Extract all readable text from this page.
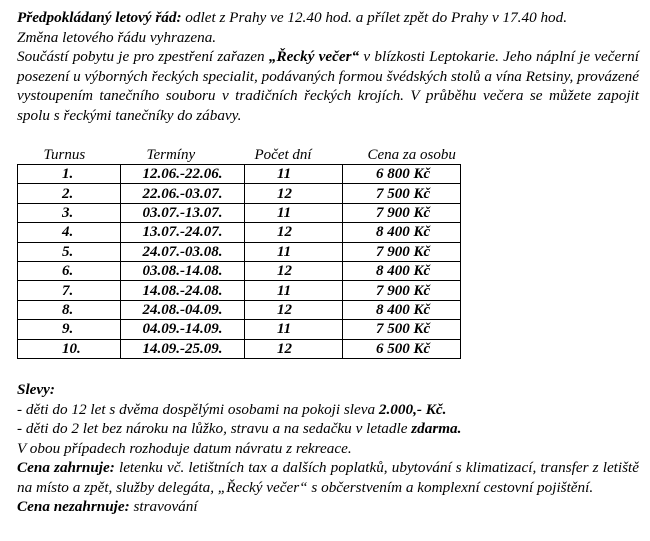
Předpokládaný letový řád: odlet z Prahy ve 12.40 hod. a přílet zpět do Prahy v 17.40 hod.

Změna letového řádu vyhrazena.

Součástí pobytu je pro zpestření zařazen „Řecký večer“ v blízkosti Leptokarie. Jeho náplní je večerní posezení u výborných řeckých specialit, podávaných formou švédských stolů a vína Retsiny, provázené vystoupením tanečního souboru v tradičních řeckých krojích. V průběhu večera se můžete zapojit spolu s řeckými tanečníky do zábavy.

Turnus	Termíny	Počet dní	Cena za osobu
1.	12.06.-22.06.	11	6 800 Kč
2.	22.06.-03.07.	12	7 500 Kč
3.	03.07.-13.07.	11	7 900 Kč
4.	13.07.-24.07.	12	8 400 Kč
5.	24.07.-03.08.	11	7 900 Kč
6.	03.08.-14.08.	12	8 400 Kč
7.	14.08.-24.08.	11	7 900 Kč
8.	24.08.-04.09.	12	8 400 Kč
9.	04.09.-14.09.	11	7 500 Kč
10.	14.09.-25.09.	12	6 500 Kč

Slevy:

- děti do 12 let s dvěma dospělými osobami na pokoji sleva 2.000,- Kč.

- děti do 2 let bez nároku na lůžko, stravu a na sedačku v letadle zdarma.

V obou případech rozhoduje datum návratu z rekreace.

Cena zahrnuje: letenku vč. letištních tax a dalších poplatků, ubytování s klimatizací, transfer z letiště na místo a zpět, služby delegáta, „Řecký večer“ s občerstvením a komplexní cestovní pojištění.

Cena nezahrnuje: stravování
